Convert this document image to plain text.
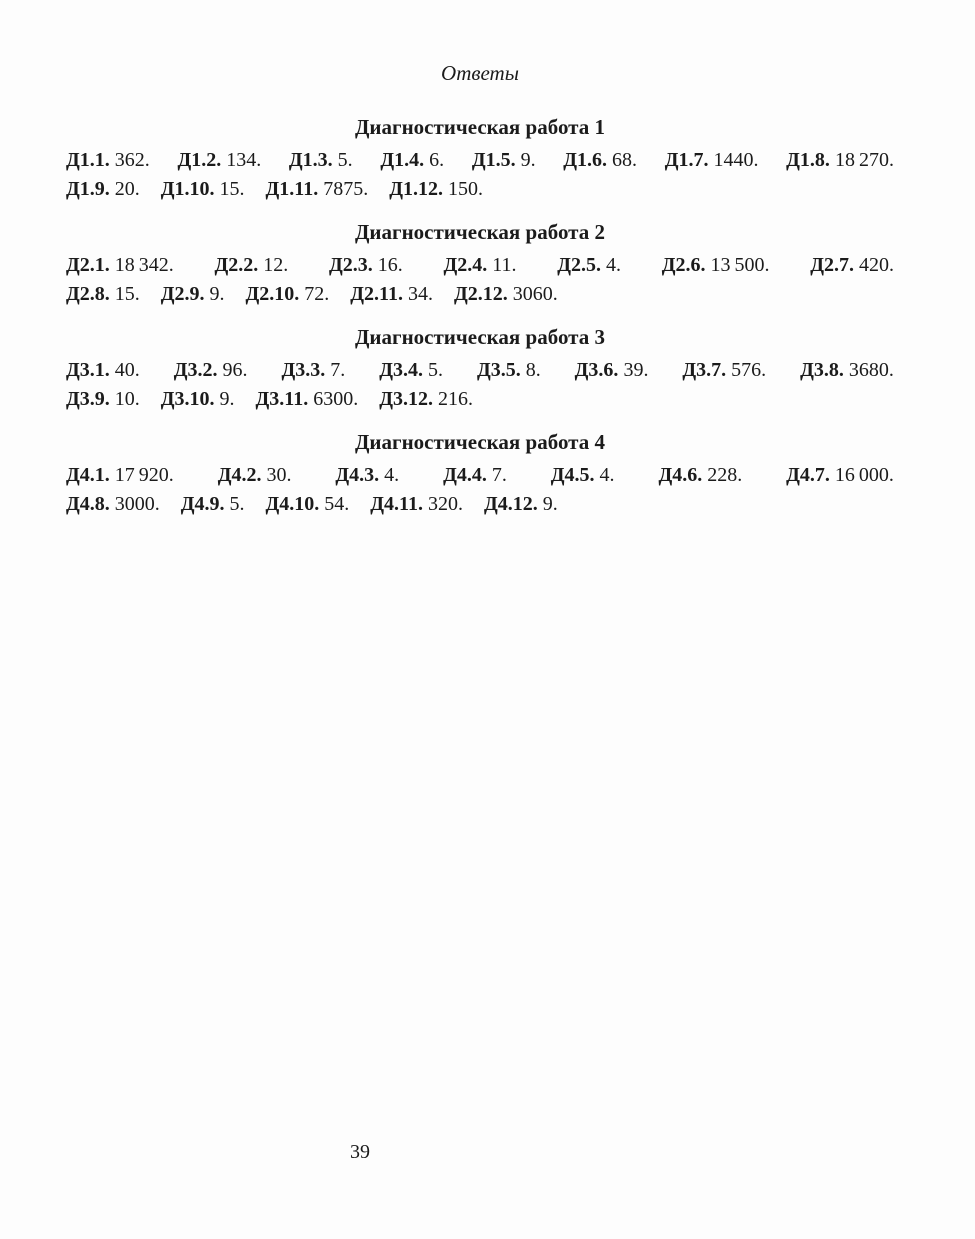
Ответы
Диагностическая работа 1
Д1.1. 362. Д1.2. 134. Д1.3. 5. Д1.4. 6. Д1.5. 9. Д1.6. 68. Д1.7. 1440. Д1.8. 18 270.
Д1.9. 20. Д1.10. 15. Д1.11. 7875. Д1.12. 150.
Диагностическая работа 2
Д2.1. 18 342. Д2.2. 12. Д2.3. 16. Д2.4. 11. Д2.5. 4. Д2.6. 13 500. Д2.7. 420.
Д2.8. 15. Д2.9. 9. Д2.10. 72. Д2.11. 34. Д2.12. 3060.
Диагностическая работа 3
Д3.1. 40. Д3.2. 96. Д3.3. 7. Д3.4. 5. Д3.5. 8. Д3.6. 39. Д3.7. 576. Д3.8. 3680.
Д3.9. 10. Д3.10. 9. Д3.11. 6300. Д3.12. 216.
Диагностическая работа 4
Д4.1. 17 920. Д4.2. 30. Д4.3. 4. Д4.4. 7. Д4.5. 4. Д4.6. 228. Д4.7. 16 000.
Д4.8. 3000. Д4.9. 5. Д4.10. 54. Д4.11. 320. Д4.12. 9.
39
